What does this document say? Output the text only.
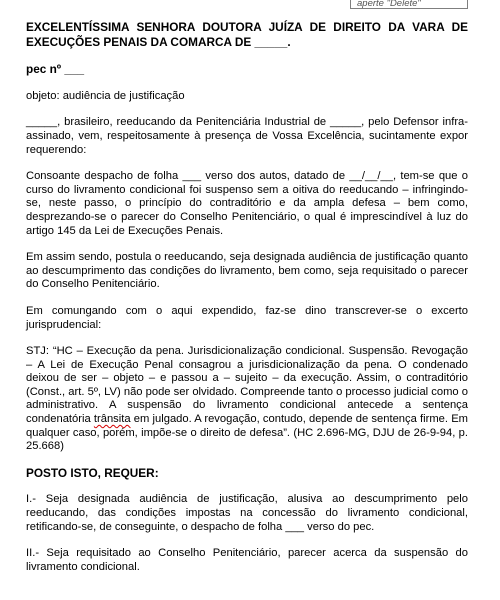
aperte "Delete"

EXCELENTÍSSIMA SENHORA DOUTORA JUÍZA DE DIREITO DA VARA DE EXECUÇÕES PENAIS DA COMARCA DE _____.

pec nº ___

objeto: audiência de justificação

_____, brasileiro, reeducando da Penitenciária Industrial de _____, pelo Defensor infra-assinado, vem, respeitosamente à presença de Vossa Excelência, sucintamente expor requerendo:

Consoante despacho de folha ___ verso dos autos, datado de __/__/__, tem-se que o curso do livramento condicional foi suspenso sem a oitiva do reeducando – infringindo-se, neste passo, o princípio do contraditório e da ampla defesa – bem como, desprezando-se o parecer do Conselho Penitenciário, o qual é imprescindível à luz do artigo 145 da Lei de Execuções Penais.

Em assim sendo, postula o reeducando, seja designada audiência de justificação quanto ao descumprimento das condições do livramento, bem como, seja requisitado o parecer do Conselho Penitenciário.

Em comungando com o aqui expendido, faz-se dino transcrever-se o excerto jurisprudencial:

STJ: “HC – Execução da pena. Jurisdicionalização condicional. Suspensão. Revogação – A Lei de Execução Penal consagrou a jurisdicionalização da pena. O condenado deixou de ser – objeto – e passou a – sujeito – da execução. Assim, o contraditório (Const., art. 5º, LV) não pode ser olvidado. Compreende tanto o processo judicial como o administrativo. A suspensão do livramento condicional antecede a sentença condenatória trânsita em julgado. A revogação, contudo, depende de sentença firme. Em qualquer caso, porém, impõe-se o direito de defesa”. (HC 2.696-MG, DJU de 26-9-94, p. 25.668)

POSTO ISTO, REQUER:

I.- Seja designada audiência de justificação, alusiva ao descumprimento pelo reeducando, das condições impostas na concessão do livramento condicional, retificando-se, de conseguinte, o despacho de folha ___ verso do pec.

II.- Seja requisitado ao Conselho Penitenciário, parecer acerca da suspensão do livramento condicional.
